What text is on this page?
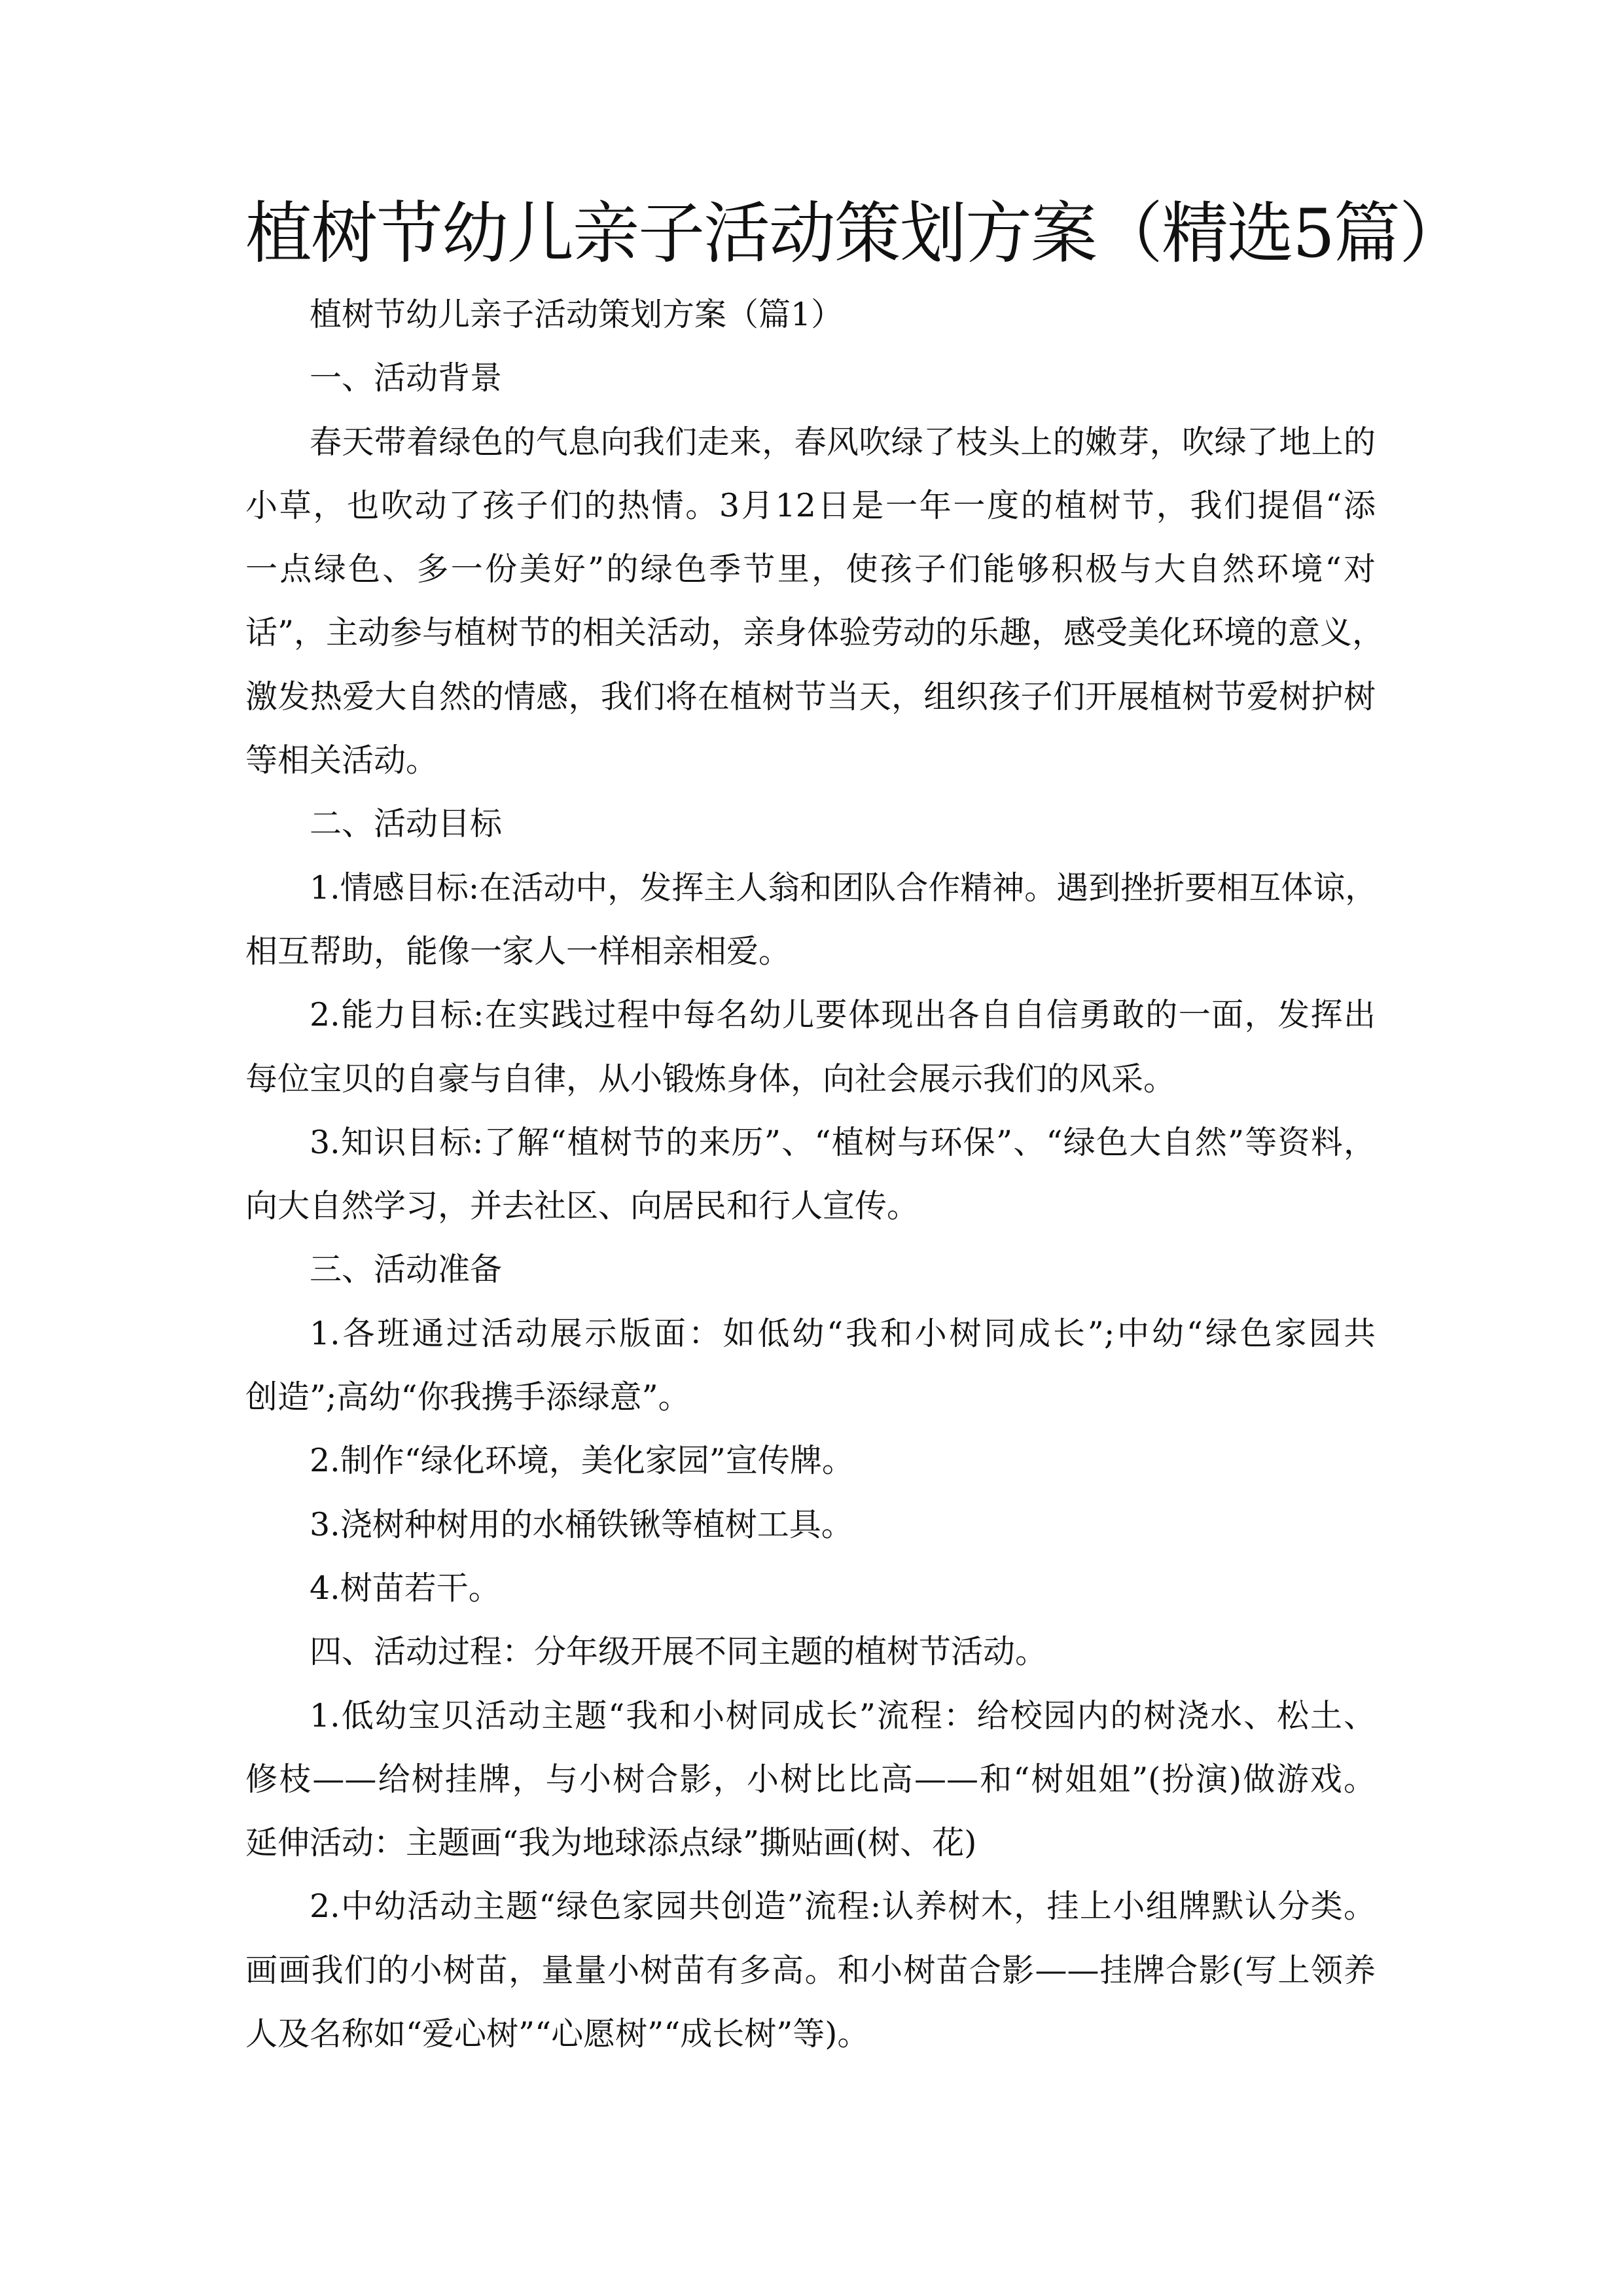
植树节幼儿亲子活动策划方案（精选5篇）
植树节幼儿亲子活动策划方案（篇1）
一、活动背景
春天带着绿色的气息向我们走来，春风吹绿了枝头上的嫩芽，吹绿了地上的
小草，也吹动了孩子们的热情。3月12日是一年一度的植树节，我们提倡“添
一点绿色、多一份美好”的绿色季节里，使孩子们能够积极与大自然环境“对
话”，主动参与植树节的相关活动，亲身体验劳动的乐趣，感受美化环境的意义，
激发热爱大自然的情感，我们将在植树节当天，组织孩子们开展植树节爱树护树
等相关活动。
二、活动目标
1.情感目标:在活动中，发挥主人翁和团队合作精神。遇到挫折要相互体谅，
相互帮助，能像一家人一样相亲相爱。
2.能力目标:在实践过程中每名幼儿要体现出各自自信勇敢的一面，发挥出
每位宝贝的自豪与自律，从小锻炼身体，向社会展示我们的风采。
3.知识目标:了解“植树节的来历”、“植树与环保”、“绿色大自然”等资料，
向大自然学习，并去社区、向居民和行人宣传。
三、活动准备
1.各班通过活动展示版面：如低幼“我和小树同成长”;中幼“绿色家园共
创造”;高幼“你我携手添绿意”。
2.制作“绿化环境，美化家园”宣传牌。
3.浇树种树用的水桶铁锹等植树工具。
4.树苗若干。
四、活动过程：分年级开展不同主题的植树节活动。
1.低幼宝贝活动主题“我和小树同成长”流程：给校园内的树浇水、松土、
修枝——给树挂牌，与小树合影，小树比比高——和“树姐姐”(扮演)做游戏。
延伸活动：主题画“我为地球添点绿”撕贴画(树、花)
2.中幼活动主题“绿色家园共创造”流程:认养树木，挂上小组牌默认分类。
画画我们的小树苗，量量小树苗有多高。和小树苗合影——挂牌合影(写上领养
人及名称如“爱心树”“心愿树”“成长树”等)。
